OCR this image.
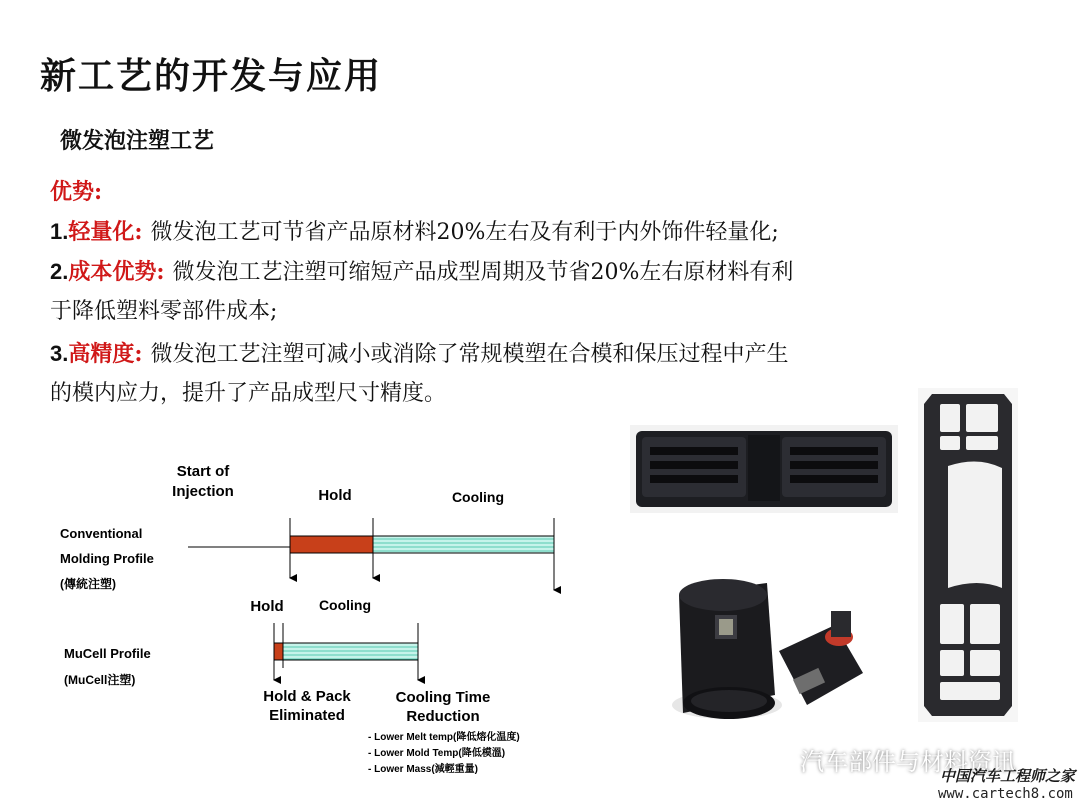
新工艺的开发与应用
微发泡注塑工艺
优势:
1.轻量化: 微发泡工艺可节省产品原材料20%左右及有利于内外饰件轻量化;
2.成本优势: 微发泡工艺注塑可缩短产品成型周期及节省20%左右原材料有利
于降低塑料零部件成本;
3.高精度: 微发泡工艺注塑可减小或消除了常规模塑在合模和保压过程中产生
的模内应力，提升了产品成型尺寸精度。
Start of
Injection	Hold	Cooling
Conventional
Molding Profile
(傳統注塑)
Hold	Cooling
MuCell Profile
(MuCell注塑)
Hold & Pack
Eliminated
Cooling Time
Reduction
- Lower Melt temp(降低熔化温度)
- Lower Mold Temp(降低模溫)
- Lower Mass(減輕重量)	汽车部件与材料资讯
中国汽车工程师之家
www.cartech8.com
